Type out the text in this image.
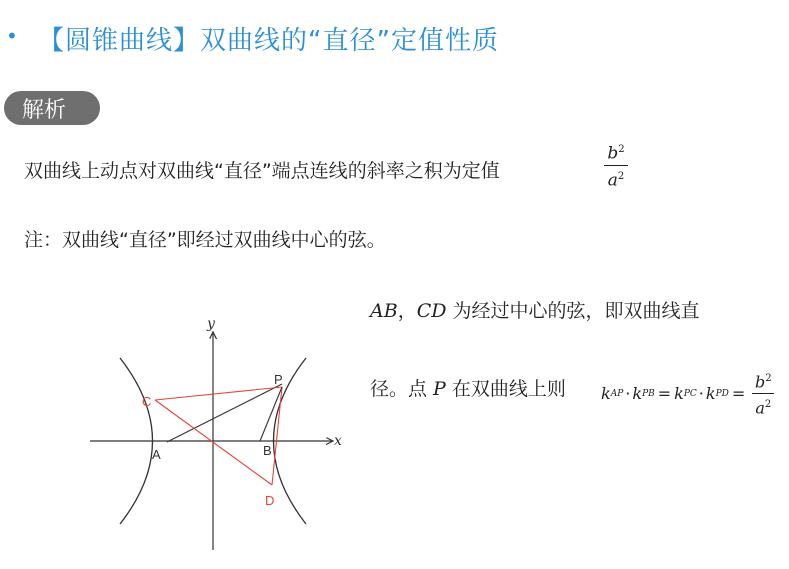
• 【圆锥曲线】双曲线的“直径”定值性质
解析
双曲线上动点对双曲线“直径”端点连线的斜率之积为定值
$b^2$
$a^2$
注：双曲线“直径”即经过双曲线中心的弦。
AB，CD 为经过中心的弦，即双曲线直
径。点 P 在双曲线上则 k AP · k PB = k PC · k PD = $\frac{b^2}{a^2}$
x
y
A	B
C
D
P
